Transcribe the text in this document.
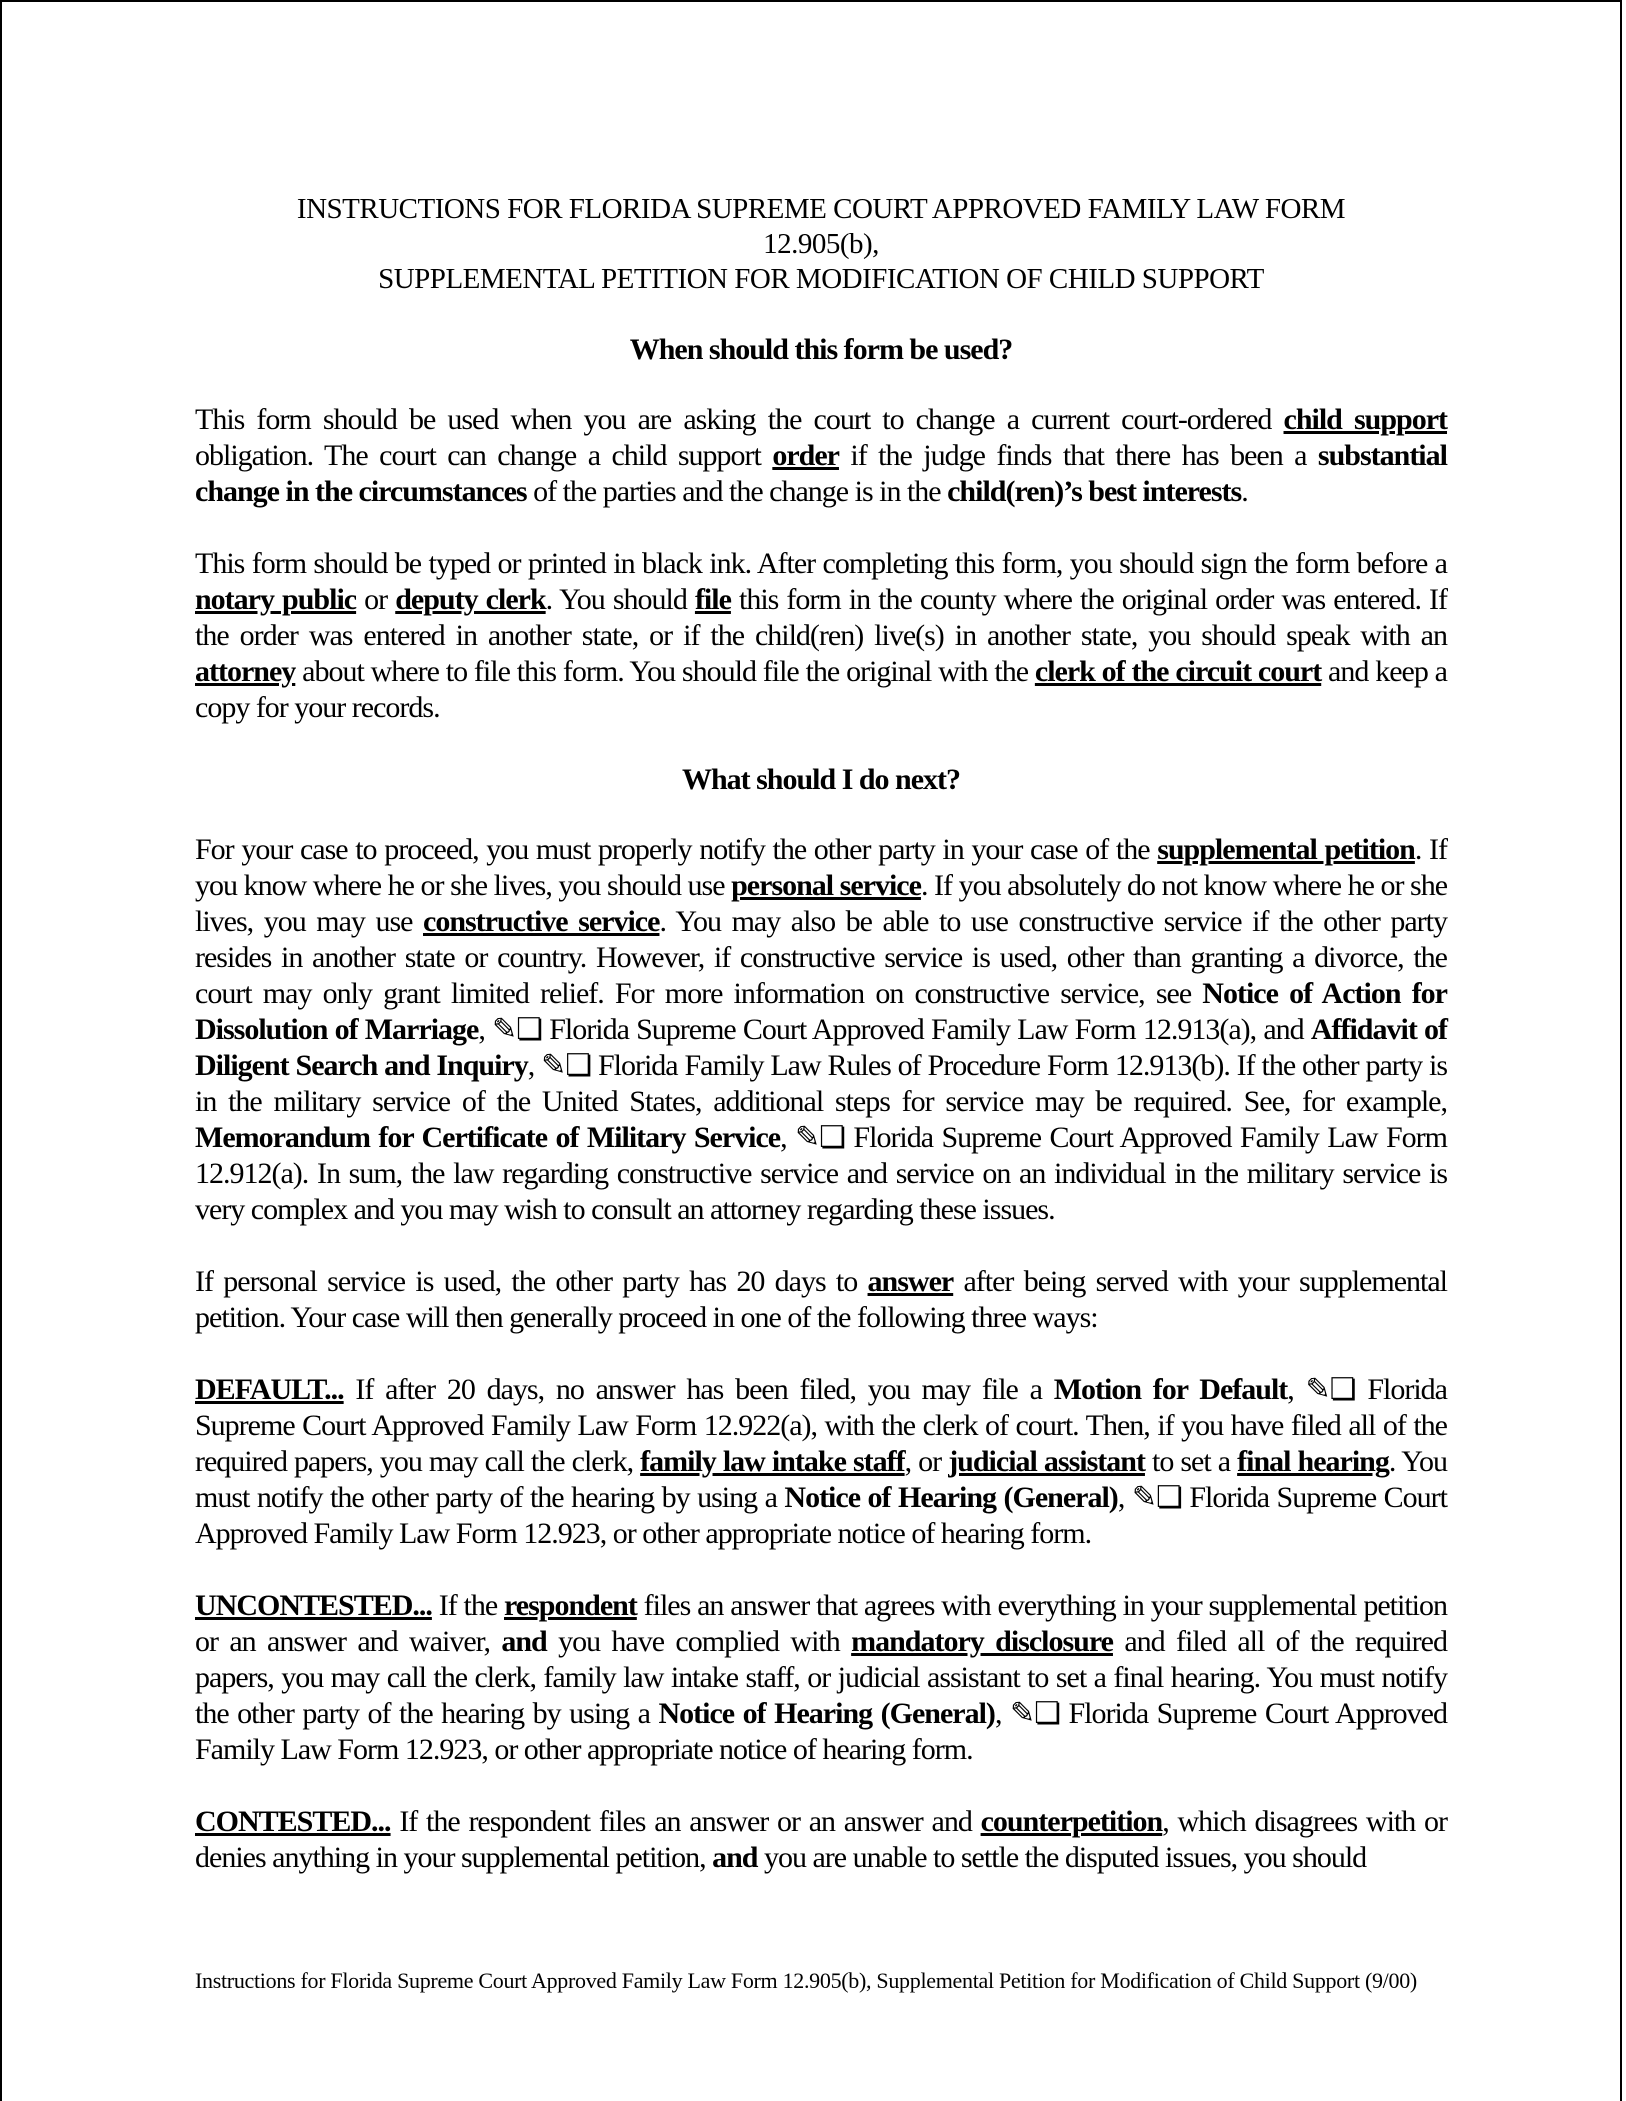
INSTRUCTIONS FOR FLORIDA SUPREME COURT APPROVED FAMILY LAW FORM
12.905(b),
SUPPLEMENTAL PETITION FOR MODIFICATION OF CHILD SUPPORT
When should this form be used?

This form should be used when you are asking the court to change a current court-ordered child support obligation. The court can change a child support order if the judge finds that there has been a substantial change in the circumstances of the parties and the change is in the child(ren)’s best interests.

This form should be typed or printed in black ink. After completing this form, you should sign the form before a notary public or deputy clerk. You should file this form in the county where the original order was entered. If the order was entered in another state, or if the child(ren) live(s) in another state, you should speak with an attorney about where to file this form. You should file the original with the clerk of the circuit court and keep a copy for your records.

What should I do next?

For your case to proceed, you must properly notify the other party in your case of the supplemental petition. If you know where he or she lives, you should use personal service. If you absolutely do not know where he or she lives, you may use constructive service. You may also be able to use constructive service if the other party resides in another state or country. However, if constructive service is used, other than granting a divorce, the court may only grant limited relief. For more information on constructive service, see Notice of Action for Dissolution of Marriage, ✎❏ Florida Supreme Court Approved Family Law Form 12.913(a), and Affidavit of Diligent Search and Inquiry, ✎❏ Florida Family Law Rules of Procedure Form 12.913(b). If the other party is in the military service of the United States, additional steps for service may be required. See, for example, Memorandum for Certificate of Military Service, ✎❏ Florida Supreme Court Approved Family Law Form 12.912(a). In sum, the law regarding constructive service and service on an individual in the military service is very complex and you may wish to consult an attorney regarding these issues.

If personal service is used, the other party has 20 days to answer after being served with your supplemental petition. Your case will then generally proceed in one of the following three ways:

DEFAULT... If after 20 days, no answer has been filed, you may file a Motion for Default, ✎❏ Florida Supreme Court Approved Family Law Form 12.922(a), with the clerk of court. Then, if you have filed all of the required papers, you may call the clerk, family law intake staff, or judicial assistant to set a final hearing. You must notify the other party of the hearing by using a Notice of Hearing (General), ✎❏ Florida Supreme Court Approved Family Law Form 12.923, or other appropriate notice of hearing form.

UNCONTESTED... If the respondent files an answer that agrees with everything in your supplemental petition or an answer and waiver, and you have complied with mandatory disclosure and filed all of the required papers, you may call the clerk, family law intake staff, or judicial assistant to set a final hearing. You must notify the other party of the hearing by using a Notice of Hearing (General), ✎❏ Florida Supreme Court Approved Family Law Form 12.923, or other appropriate notice of hearing form.

CONTESTED... If the respondent files an answer or an answer and counterpetition, which disagrees with or denies anything in your supplemental petition, and you are unable to settle the disputed issues, you should

Instructions for Florida Supreme Court Approved Family Law Form 12.905(b), Supplemental Petition for Modification of Child Support (9/00)
